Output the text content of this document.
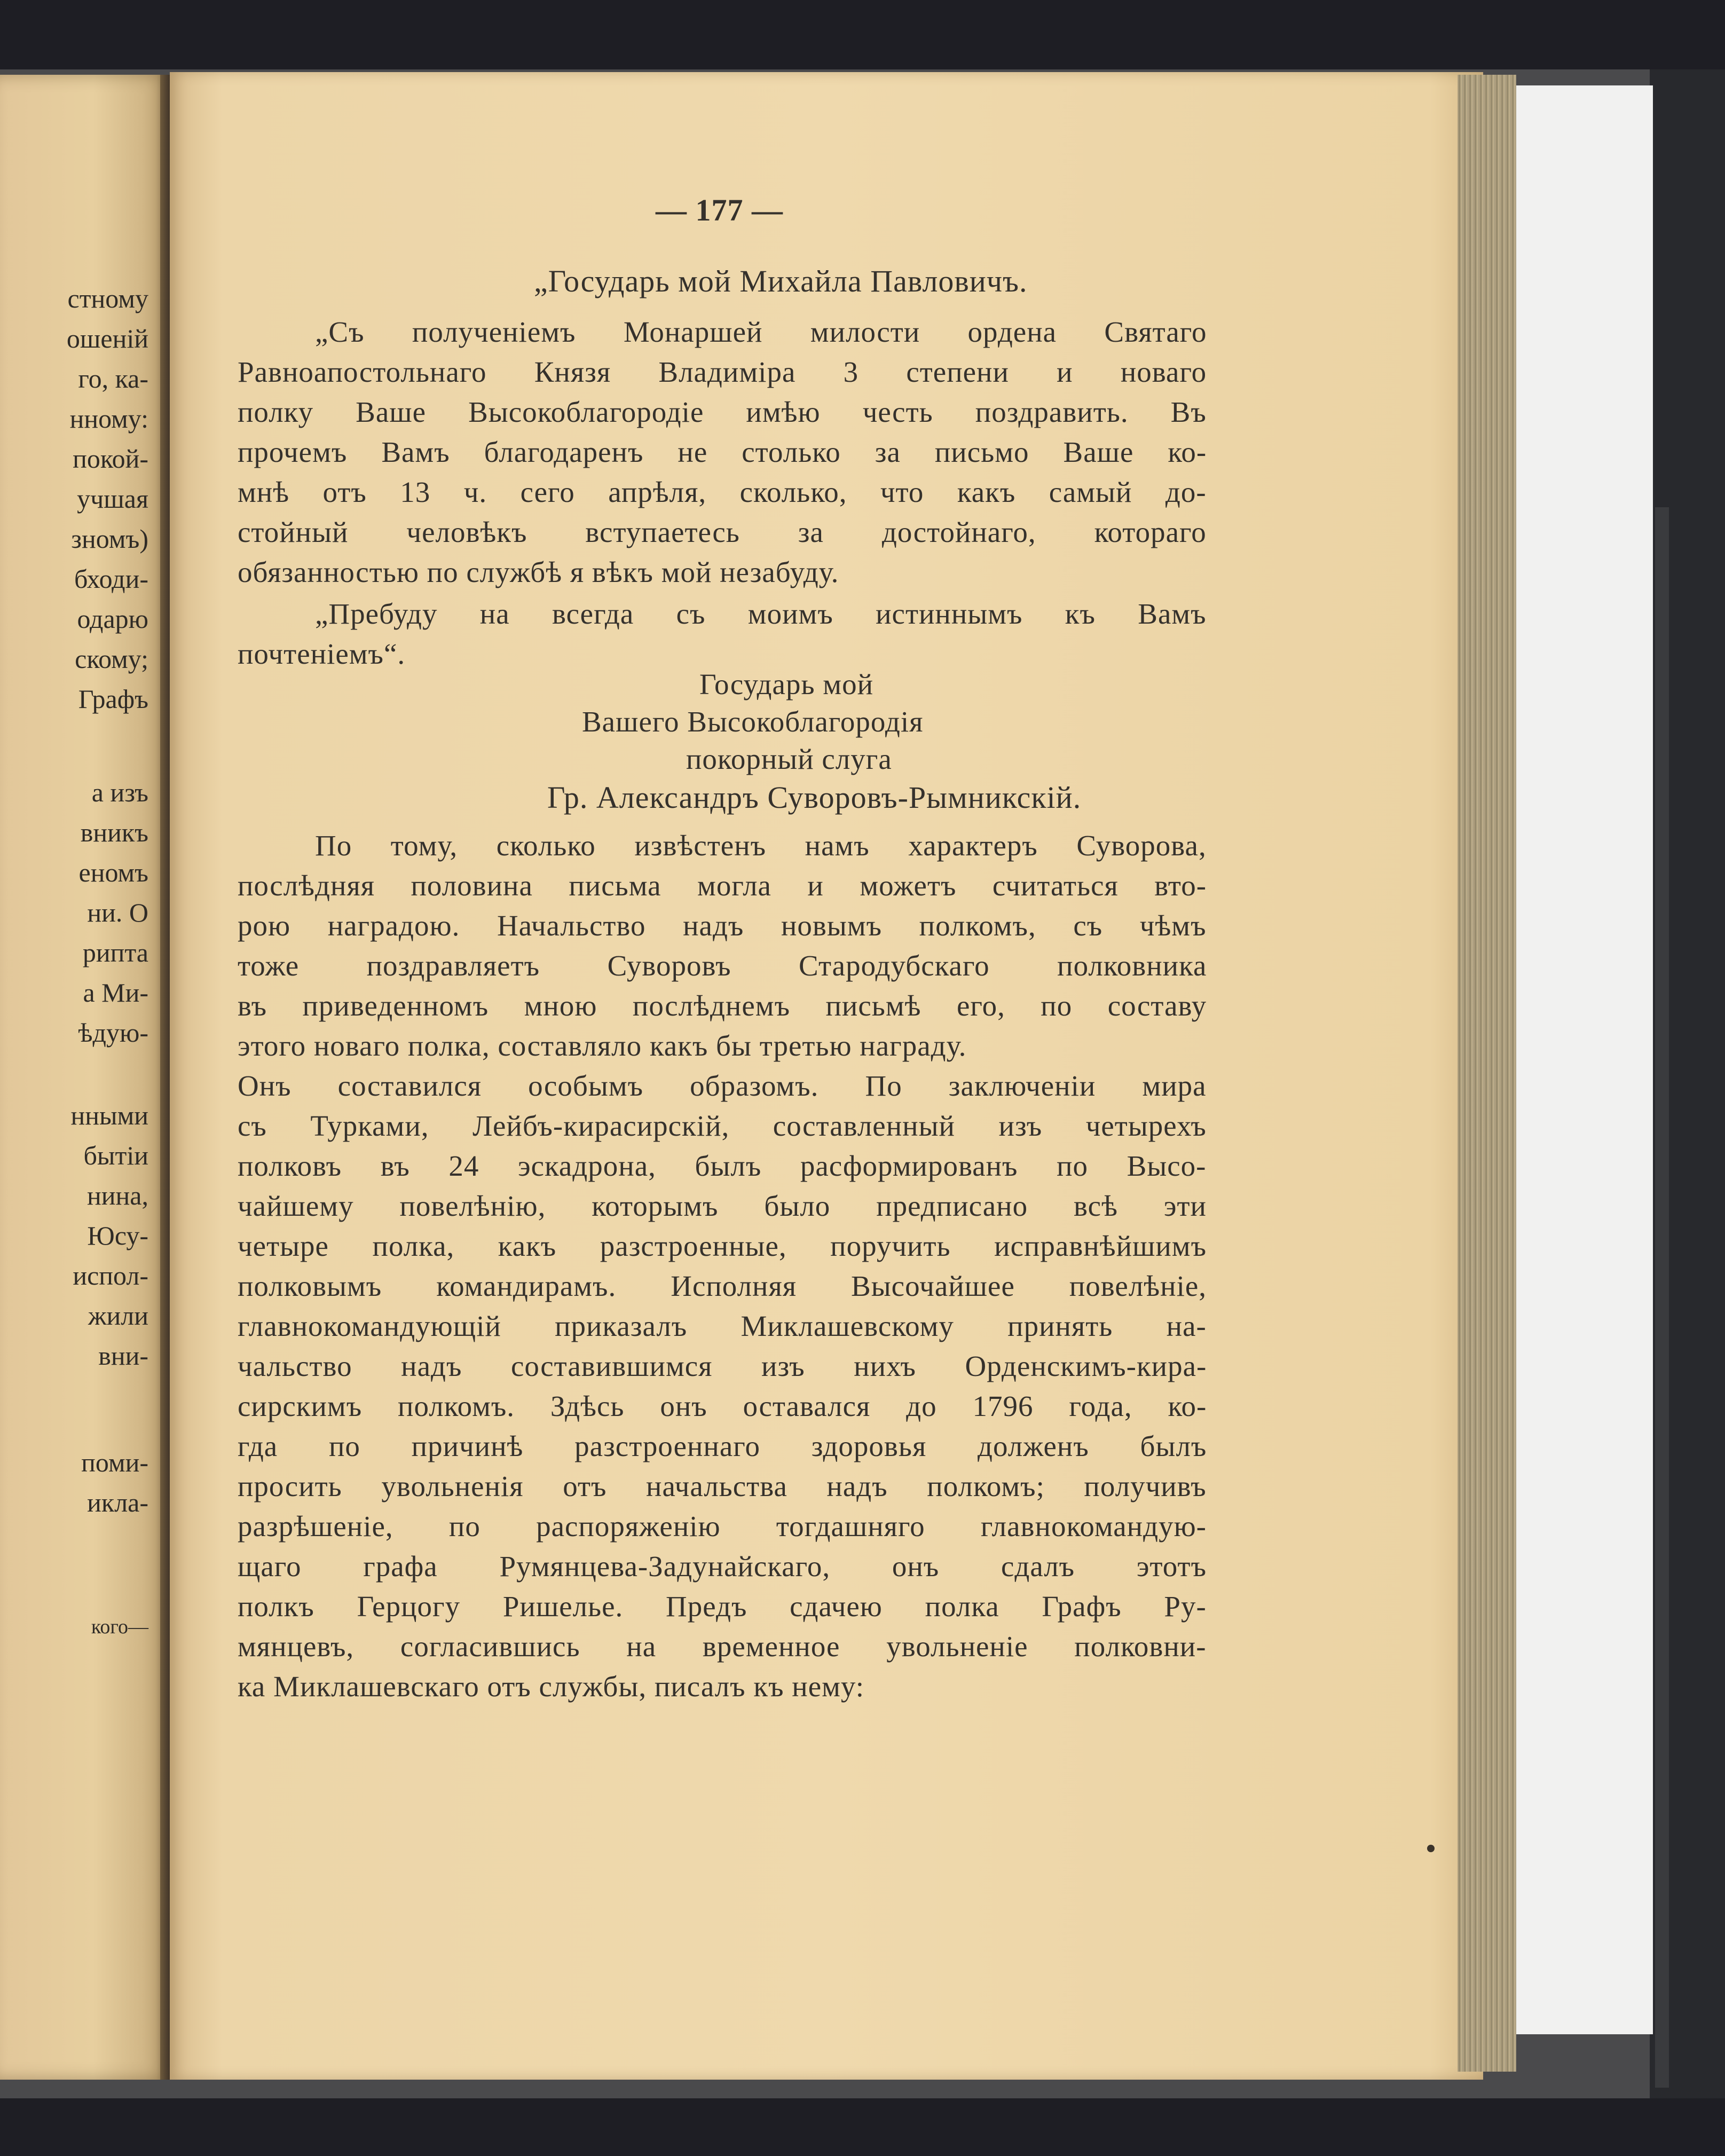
стному
ошеній
го, ка-
нному:
покой-
учшая
зномъ)
бходи-
одарю
скому;
Графъ
а изъ
вникъ
еномъ
ни. О
рипта
а Ми-
ѣдую-
нными
бытіи
нина,
Юсу-
испол-
жили
вни-
поми-
икла-
кого—
— 177 —
„Государь мой Михайла Павловичъ.
„Съ полученіемъ Монаршей милости ордена Святаго
Равноапостольнаго Князя Владиміра 3 степени и новаго
полку Ваше Высокоблагородіе имѣю честь поздравить. Въ
прочемъ Вамъ благодаренъ не столько за письмо Ваше ко-
мнѣ отъ 13 ч. сего апрѣля, сколько, что какъ самый до-
стойный человѣкъ вступаетесь за достойнаго, котораго
обязанностью по службѣ я вѣкъ мой незабуду.
„Пребуду на всегда съ моимъ истиннымъ къ Вамъ
почтеніемъ“.
Государь мой
Вашего Высокоблагородія
покорный слуга
Гр. Александръ Суворовъ-Рымникскій.
По тому, сколько извѣстенъ намъ характеръ Суворова,
послѣдняя половина письма могла и можетъ считаться вто-
рою наградою. Начальство надъ новымъ полкомъ, съ чѣмъ
тоже поздравляетъ Суворовъ Стародубскаго полковника
въ приведенномъ мною послѣднемъ письмѣ его, по составу
этого новаго полка, составляло какъ бы третью награду.
Онъ составился особымъ образомъ. По заключеніи мира
съ Турками, Лейбъ-кирасирскій, составленный изъ четырехъ
полковъ въ 24 эскадрона, былъ расформированъ по Высо-
чайшему повелѣнію, которымъ было предписано всѣ эти
четыре полка, какъ разстроенные, поручить исправнѣйшимъ
полковымъ командирамъ. Исполняя Высочайшее повелѣніе,
главнокомандующій приказалъ Миклашевскому принять на-
чальство надъ составившимся изъ нихъ Орденскимъ-кира-
сирскимъ полкомъ. Здѣсь онъ оставался до 1796 года, ко-
гда по причинѣ разстроеннаго здоровья долженъ былъ
просить увольненія отъ начальства надъ полкомъ; получивъ
разрѣшеніе, по распоряженію тогдашняго главнокомандую-
щаго графа Румянцева-Задунайскаго, онъ сдалъ этотъ
полкъ Герцогу Ришелье. Предъ сдачею полка Графъ Ру-
мянцевъ, согласившись на временное увольненіе полковни-
ка Миклашевскаго отъ службы, писалъ къ нему:
